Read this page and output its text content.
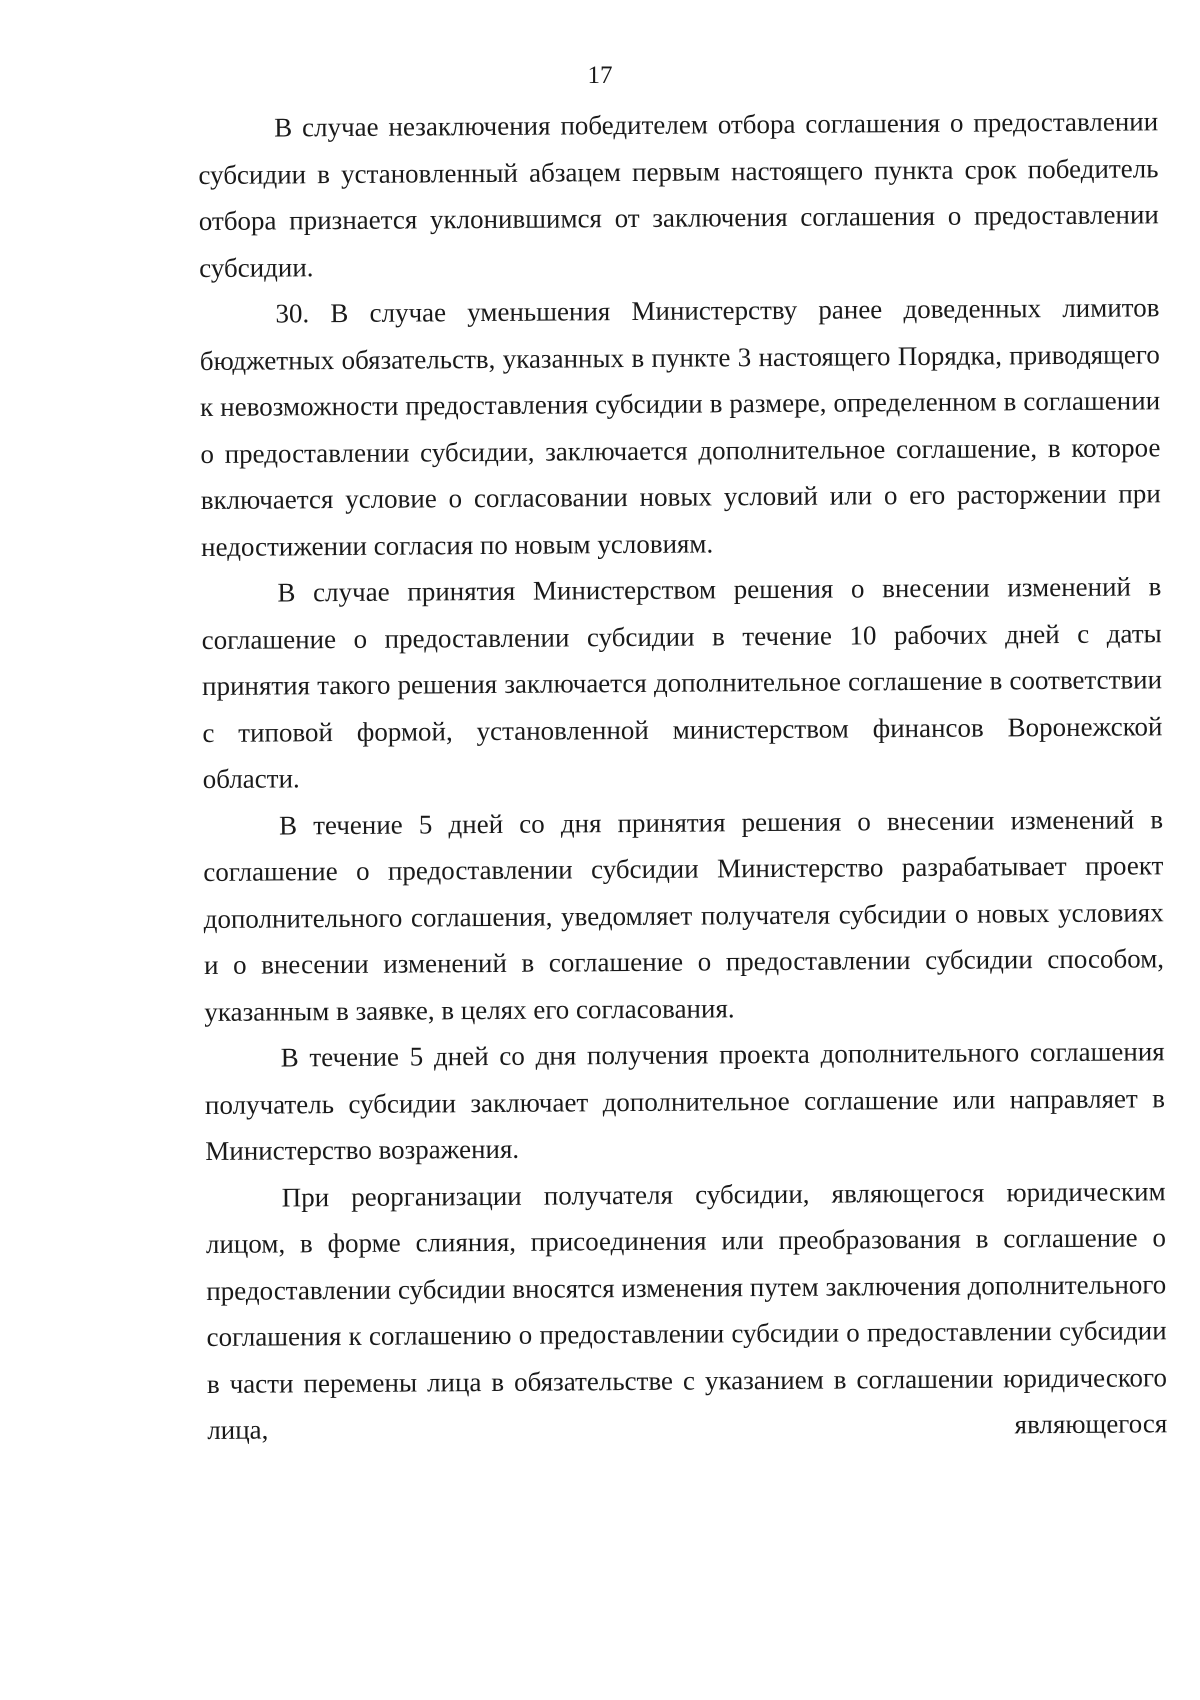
17

В случае незаключения победителем отбора соглашения о предоставлении субсидии в установленный абзацем первым настоящего пункта срок победитель отбора признается уклонившимся от заключения соглашения о предоставлении субсидии.

30. В случае уменьшения Министерству ранее доведенных лимитов бюджетных обязательств, указанных в пункте 3 настоящего Порядка, приводящего к невозможности предоставления субсидии в размере, определенном в соглашении о предоставлении субсидии, заключается дополнительное соглашение, в которое включается условие о согласовании новых условий или о его расторжении при недостижении согласия по новым условиям.

В случае принятия Министерством решения о внесении изменений в соглашение о предоставлении субсидии в течение 10 рабочих дней с даты принятия такого решения заключается дополнительное соглашение в соответствии с типовой формой, установленной министерством финансов Воронежской области.

В течение 5 дней со дня принятия решения о внесении изменений в соглашение о предоставлении субсидии Министерство разрабатывает проект дополнительного соглашения, уведомляет получателя субсидии о новых условиях и о внесении изменений в соглашение о предоставлении субсидии способом, указанным в заявке, в целях его согласования.

В течение 5 дней со дня получения проекта дополнительного соглашения получатель субсидии заключает дополнительное соглашение или направляет в Министерство возражения.

При реорганизации получателя субсидии, являющегося юридическим лицом, в форме слияния, присоединения или преобразования в соглашение о предоставлении субсидии вносятся изменения путем заключения дополнительного соглашения к соглашению о предоставлении субсидии о предоставлении субсидии в части перемены лица в обязательстве с указанием в соглашении юридического лица, являющегося
